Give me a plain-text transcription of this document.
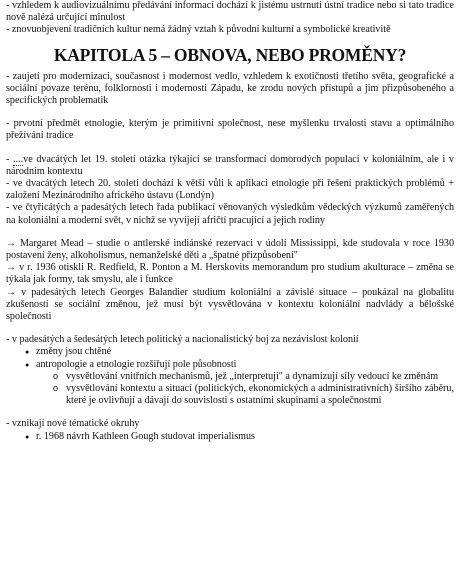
- vzhledem k audiovizuálnímu předávání informací dochází k jistému ustrnutí ústní tradice nebo si tato tradice nově nalézá určující minulost

- znovuobjevení tradičních kultur nemá žádný vztah k původní kulturní a symbolické kreativitě

KAPITOLA 5 – OBNOVA, NEBO PROMĚNY?

- zaujetí pro modernizaci, současnost i modernost vedlo, vzhledem k exotičnosti třetího světa, geografické a sociální povaze terénu, folklornosti i modernosti Západu, ke zrodu nových přístupů a jim přizpůsobeného a specifických problematik

- prvotní předmět etnologie, kterým je primitivní společnost, nese myšlenku trvalosti stavu a optimálního přežívání tradice

- ....ve dvacátých let 19. století otázka týkající se transformací domorodých populací v koloniálním, ale i v národním kontextu

- ve dvacátých letech 20. století dochází k větší vůli k aplikaci etnologie při řešení praktických problémů + založení Mezinárodního afrického ústavu (Londýn)

- ve čtyřicátých a padesátých letech řada publikací věnovaných výsledkům vědeckých výzkumů zaměřených na koloniální a moderní svět, v nichž se vyvíjejí afričtí pracující a jejich rodiny

→ Margaret Mead – studie o antlerské indiánské rezervaci v údolí Mississippi, kde studovala v roce 1930 postavení ženy, alkoholismus, nemanželské děti a „špatné přizpůsobení"

→ v r. 1936 otiskli R. Redfield, R. Ponton a M. Herskovits memorandum pro studium akulturace – změna se týkala jak formy, tak smyslu, ale i funkce

→ v padesátých letech Georges Balandier studium koloniální a závislé situace – poukázal na globalitu zkušeností se sociální změnou, jež musí být vysvětlována v kontextu koloniální nadvlády a bělošské společnosti

- v padesátých a šedesátých letech politický a nacionalistický boj za nezávislost kolonií

● změny jsou chtěné
● antropologie a etnologie rozšiřují pole působnosti

o vysvětlování vnitřních mechanismů, jež „interpretují" a dynamizují síly vedoucí ke změnám

o vysvětlování kontextu a situací (politických, ekonomických a administrativních) širšího záběru, které je ovlivňují a dávají do souvislosti s ostatními skupinami a společnostmi

- vznikají nové tématické okruhy

● r. 1968 návrh Kathleen Gough studovat imperialismus
